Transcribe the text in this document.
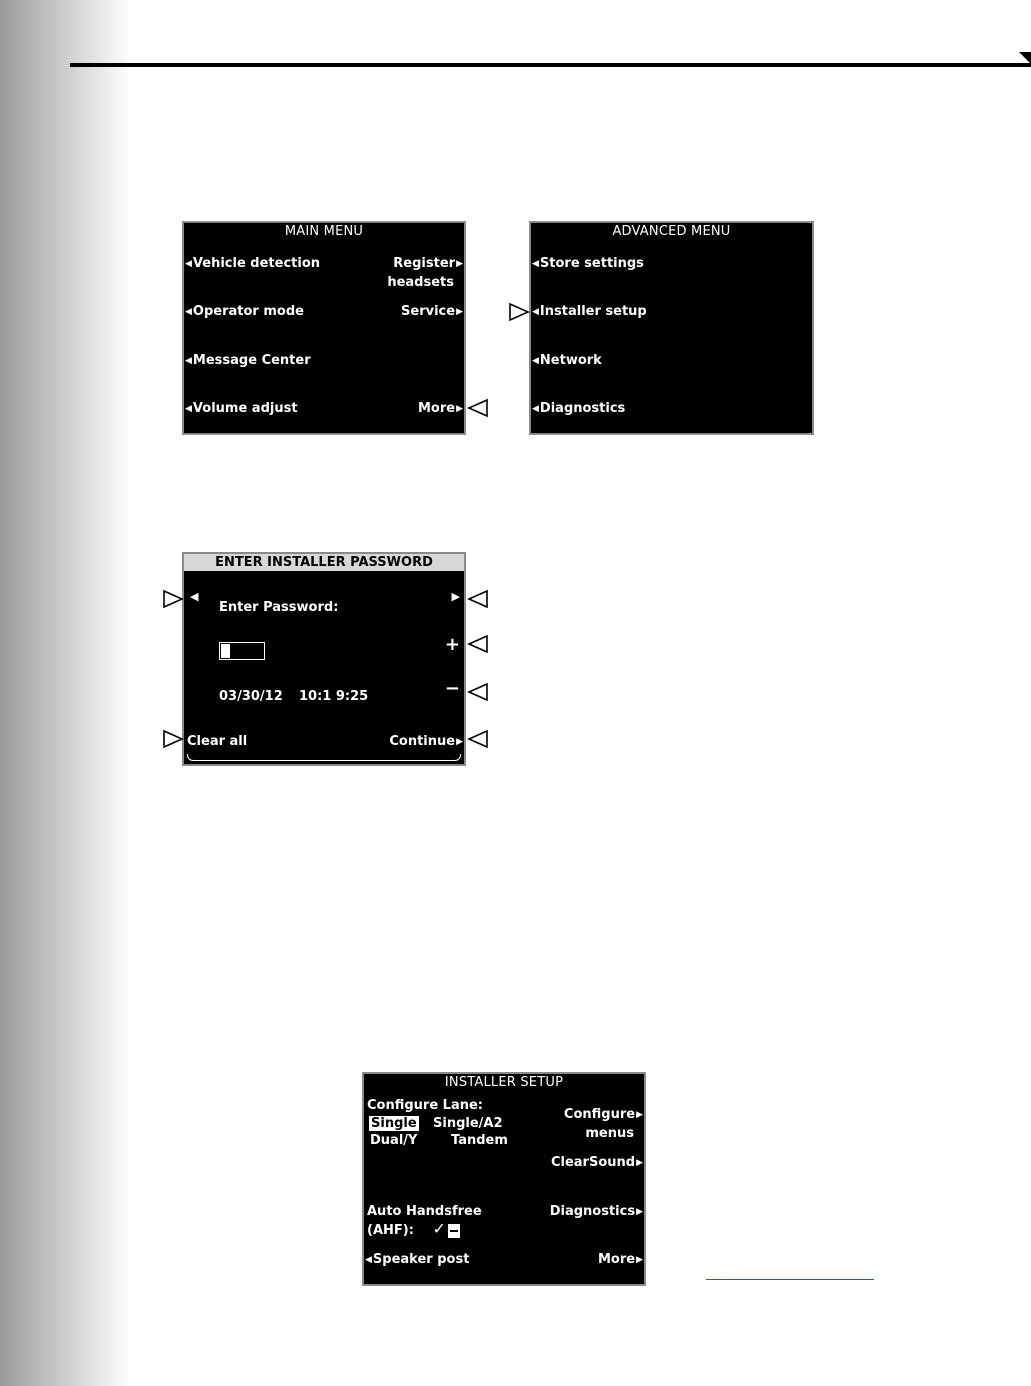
MAIN MENU
◀Vehicle detection	Register▶
headsets
◀Operator mode	Service▶
◀Message Center
◀Volume adjust	More▶
ADVANCED MENU
◀Store settings
◀Installer setup
◀Network
◀Diagnostics
ENTER INSTALLER PASSWORD
◀
Enter Password:
▶
+
03/30/12 10:1 9:25	−
Clear all	Continue▶
INSTALLER SETUP
Configure Lane:
Single Single/A2
Dual/Y	Tandem
Configure▶
menus
ClearSound▶
Auto Handsfree
(AHF): ✓
Diagnostics▶
◀Speaker post	More▶
